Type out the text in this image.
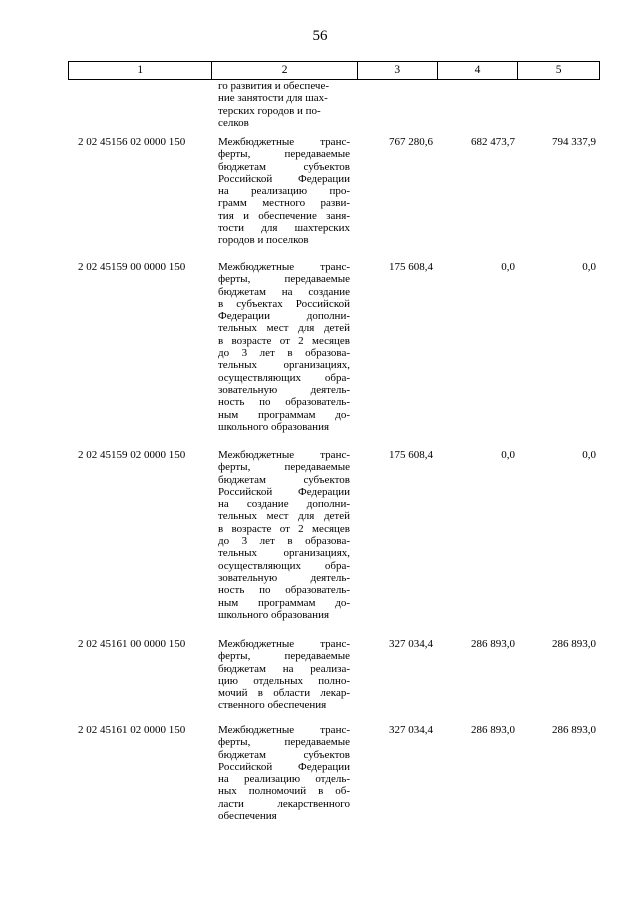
56
1	2	3	4	5
го развития и обеспече-
ние занятости для шах-
терских городов и по-
селков
2 02 45156 02 0000 150	Межбюджетные транс-
ферты, передаваемые
бюджетам субъектов
Российской Федерации
на реализацию про-
грамм местного разви-
тия и обеспечение заня-
тости для шахтерских
городов и поселков
767 280,6	682 473,7	794 337,9
2 02 45159 00 0000 150	Межбюджетные транс-
ферты, передаваемые
бюджетам на создание
в субъектах Российской
Федерации дополни-
тельных мест для детей
в возрасте от 2 месяцев
до 3 лет в образова-
тельных организациях,
осуществляющих обра-
зовательную деятель-
ность по образователь-
ным программам до-
школьного образования
175 608,4	0,0	0,0
2 02 45159 02 0000 150	Межбюджетные транс-
ферты, передаваемые
бюджетам субъектов
Российской Федерации
на создание дополни-
тельных мест для детей
в возрасте от 2 месяцев
до 3 лет в образова-
тельных организациях,
осуществляющих обра-
зовательную деятель-
ность по образователь-
ным программам до-
школьного образования
175 608,4	0,0	0,0
2 02 45161 00 0000 150	Межбюджетные транс-
ферты, передаваемые
бюджетам на реализа-
цию отдельных полно-
мочий в области лекар-
ственного обеспечения
327 034,4	286 893,0	286 893,0
2 02 45161 02 0000 150	Межбюджетные транс-
ферты, передаваемые
бюджетам субъектов
Российской Федерации
на реализацию отдель-
ных полномочий в об-
ласти лекарственного
обеспечения
327 034,4	286 893,0	286 893,0
